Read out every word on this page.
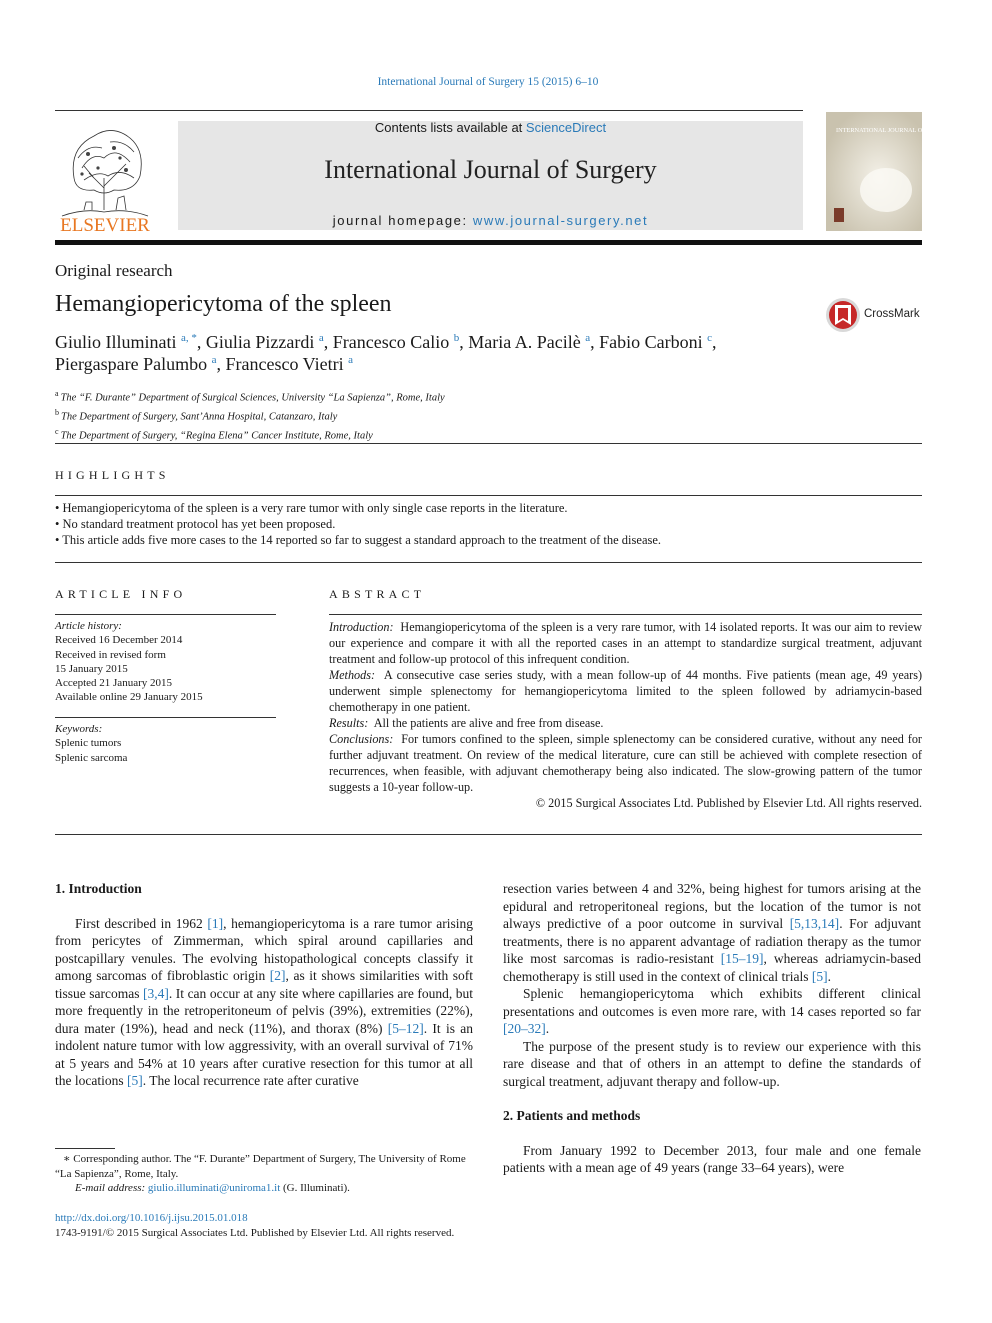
International Journal of Surgery 15 (2015) 6–10
ELSEVIER
Contents lists available at ScienceDirect
International Journal of Surgery
journal homepage: www.journal-surgery.net
INTERNATIONAL JOURNAL OF SURGERY
Original research
Hemangiopericytoma of the spleen	CrossMark
Giulio Illuminati $^{a, *}$, Giulia Pizzardi $^a$, Francesco Calio $^b$, Maria A. Pacilè $^a$, Fabio Carboni $^c$,
Piergaspare Palumbo $^a$, Francesco Vietri $^a$
$^a$ The “F. Durante” Department of Surgical Sciences, University “La Sapienza”, Rome, Italy
$^b$ The Department of Surgery, Sant’Anna Hospital, Catanzaro, Italy
$^c$ The Department of Surgery, “Regina Elena” Cancer Institute, Rome, Italy
HIGHLIGHTS
• Hemangiopericytoma of the spleen is a very rare tumor with only single case reports in the literature.
• No standard treatment protocol has yet been proposed.
• This article adds five more cases to the 14 reported so far to suggest a standard approach to the treatment of the disease.
ARTICLE INFO
Article history:
Received 16 December 2014
Received in revised form
15 January 2015
Accepted 21 January 2015
Available online 29 January 2015
Keywords:
Splenic tumors
Splenic sarcoma
ABSTRACT
Introduction: Hemangiopericytoma of the spleen is a very rare tumor, with 14 isolated reports. It was our aim to review our experience and compare it with all the reported cases in an attempt to standardize surgical treatment, adjuvant treatment and follow-up protocol of this infrequent condition.
Methods: A consecutive case series study, with a mean follow-up of 44 months. Five patients (mean age, 49 years) underwent simple splenectomy for hemangiopericytoma limited to the spleen followed by adriamycin-based chemotherapy in one patient.
Results: All the patients are alive and free from disease.
Conclusions: For tumors confined to the spleen, simple splenectomy can be considered curative, without any need for further adjuvant treatment. On review of the medical literature, cure can still be achieved with complete resection of recurrences, when feasible, with adjuvant chemotherapy being also indicated. The slow-growing pattern of the tumor suggests a 10-year follow-up.
© 2015 Surgical Associates Ltd. Published by Elsevier Ltd. All rights reserved.

1. Introduction

First described in 1962 [1], hemangiopericytoma is a rare tumor arising from pericytes of Zimmerman, which spiral around capillaries and postcapillary venules. The evolving histopathological concepts classify it among sarcomas of fibroblastic origin [2], as it shows similarities with soft tissue sarcomas [3,4]. It can occur at any site where capillaries are found, but more frequently in the retroperitoneum of pelvis (39%), extremities (22%), dura mater (19%), head and neck (11%), and thorax (8%) [5–12]. It is an indolent nature tumor with low aggressivity, with an overall survival of 71% at 5 years and 54% at 10 years after curative resection for this tumor at all the locations [5]. The local recurrence rate after curative

resection varies between 4 and 32%, being highest for tumors arising at the epidural and retroperitoneal regions, but the location of the tumor is not always predictive of a poor outcome in survival [5,13,14]. For adjuvant treatments, there is no apparent advantage of radiation therapy as the tumor like most sarcomas is radio-resistant [15–19], whereas adriamycin-based chemotherapy is still used in the context of clinical trials [5].

Splenic hemangiopericytoma which exhibits different clinical presentations and outcomes is even more rare, with 14 cases reported so far [20–32].

The purpose of the present study is to review our experience with this rare disease and that of others in an attempt to define the standards of surgical treatment, adjuvant therapy and follow-up.

2. Patients and methods

From January 1992 to December 2013, four male and one female patients with a mean age of 49 years (range 33–64 years), were

∗ Corresponding author. The “F. Durante” Department of Surgery, The University of Rome “La Sapienza”, Rome, Italy.
E-mail address: giulio.illuminati@uniroma1.it (G. Illuminati).
http://dx.doi.org/10.1016/j.ijsu.2015.01.018
1743-9191/© 2015 Surgical Associates Ltd. Published by Elsevier Ltd. All rights reserved.
